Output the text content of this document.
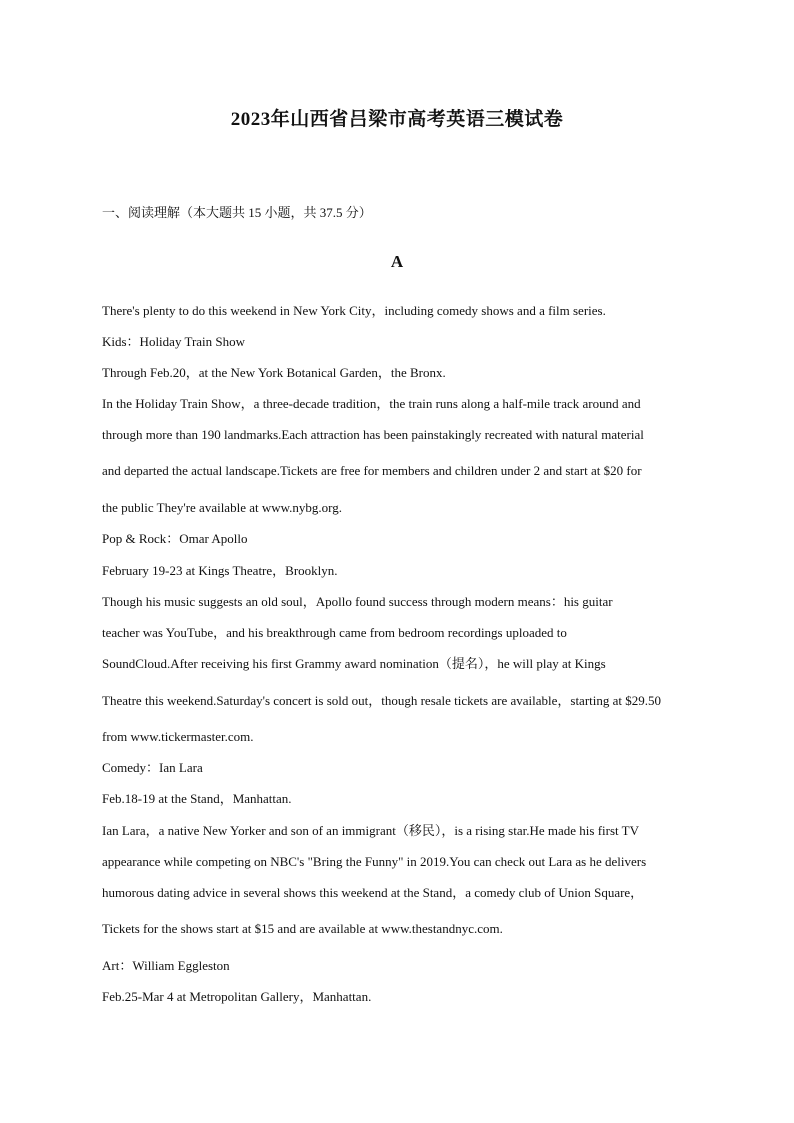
2023年山西省吕梁市高考英语三模试卷
一、阅读理解（本大题共 15 小题，共 37.5 分）
A
There's plenty to do this weekend in New York City，including comedy shows and a film series.
Kids：Holiday Train Show
Through Feb.20，at the New York Botanical Garden，the Bronx.
In the Holiday Train Show，a three-decade tradition，the train runs along a half-mile track around and
through more than 190 landmarks.Each attraction has been painstakingly recreated with natural material
and departed the actual landscape.Tickets are free for members and children under 2 and start at $20 for
the public They're available at www.nybg.org.
Pop & Rock：Omar Apollo
February 19-23 at Kings Theatre，Brooklyn.
Though his music suggests an old soul，Apollo found success through modern means：his guitar
teacher was YouTube，and his breakthrough came from bedroom recordings uploaded to
SoundCloud.After receiving his first Grammy award nomination（提名），he will play at Kings
Theatre this weekend.Saturday's concert is sold out，though resale tickets are available，starting at $29.50
from www.tickermaster.com.
Comedy：Ian Lara
Feb.18-19 at the Stand，Manhattan.
Ian Lara，a native New Yorker and son of an immigrant（移民），is a rising star.He made his first TV
appearance while competing on NBC's "Bring the Funny" in 2019.You can check out Lara as he delivers
humorous dating advice in several shows this weekend at the Stand，a comedy club of Union Square，
Tickets for the shows start at $15 and are available at www.thestandnyc.com.
Art：William Eggleston
Feb.25-Mar 4 at Metropolitan Gallery，Manhattan.
